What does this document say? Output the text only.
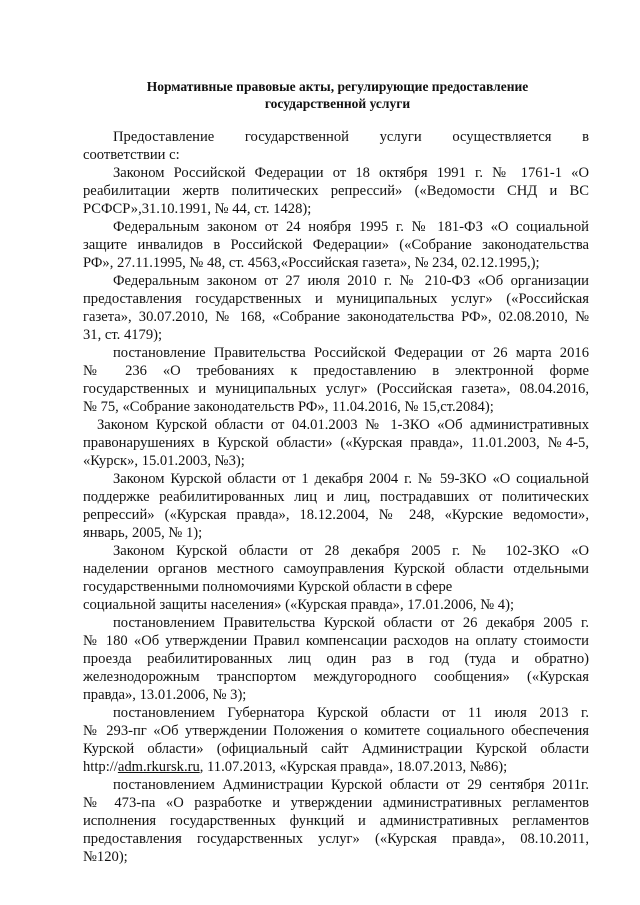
Нормативные правовые акты, регулирующие предоставление
государственной услуги
Предоставление государственной услуги осуществляется в
соответствии с:
Законом Российской Федерации от 18 октября 1991 г. № 1761-1 «О
реабилитации жертв политических репрессий» («Ведомости СНД и ВС
РСФСР»,31.10.1991, № 44, ст. 1428);
Федеральным законом от 24 ноября 1995 г. № 181-ФЗ «О социальной
защите инвалидов в Российской Федерации» («Собрание законодательства
РФ», 27.11.1995, № 48, ст. 4563,«Российская газета», № 234, 02.12.1995,);
Федеральным законом от 27 июля 2010 г. № 210-ФЗ «Об организации
предоставления государственных и муниципальных услуг» («Российская
газета», 30.07.2010, № 168, «Собрание законодательства РФ», 02.08.2010, №
31, ст. 4179);
постановление Правительства Российской Федерации от 26 марта 2016
№ 236 «О требованиях к предоставлению в электронной форме
государственных и муниципальных услуг» (Российская газета», 08.04.2016,
№ 75, «Собрание законодательств РФ», 11.04.2016, № 15,ст.2084);
Законом Курской области от 04.01.2003 № 1-ЗКО «Об административных
правонарушениях в Курской области» («Курская правда», 11.01.2003, №4-5,
«Курск», 15.01.2003, №3);
Законом Курской области от 1 декабря 2004 г. № 59-ЗКО «О социальной
поддержке реабилитированных лиц и лиц, пострадавших от политических
репрессий» («Курская правда», 18.12.2004, № 248, «Курские ведомости»,
январь, 2005, № 1);
Законом Курской области от 28 декабря 2005 г. № 102-ЗКО «О
наделении органов местного самоуправления Курской области отдельными
государственными полномочиями Курской области в сфере
социальной защиты населения» («Курская правда», 17.01.2006, № 4);
постановлением Правительства Курской области от 26 декабря 2005 г.
№ 180 «Об утверждении Правил компенсации расходов на оплату стоимости
проезда реабилитированных лиц один раз в год (туда и обратно)
железнодорожным транспортом междугородного сообщения» («Курская
правда», 13.01.2006, № 3);
постановлением Губернатора Курской области от 11 июля 2013 г.
№ 293-пг «Об утверждении Положения о комитете социального обеспечения
Курской области» (официальный сайт Администрации Курской области
http://adm.rkursk.ru, 11.07.2013, «Курская правда», 18.07.2013, №86);
постановлением Администрации Курской области от 29 сентября 2011г.
№ 473-па «О разработке и утверждении административных регламентов
исполнения государственных функций и административных регламентов
предоставления государственных услуг» («Курская правда», 08.10.2011,
№120);
